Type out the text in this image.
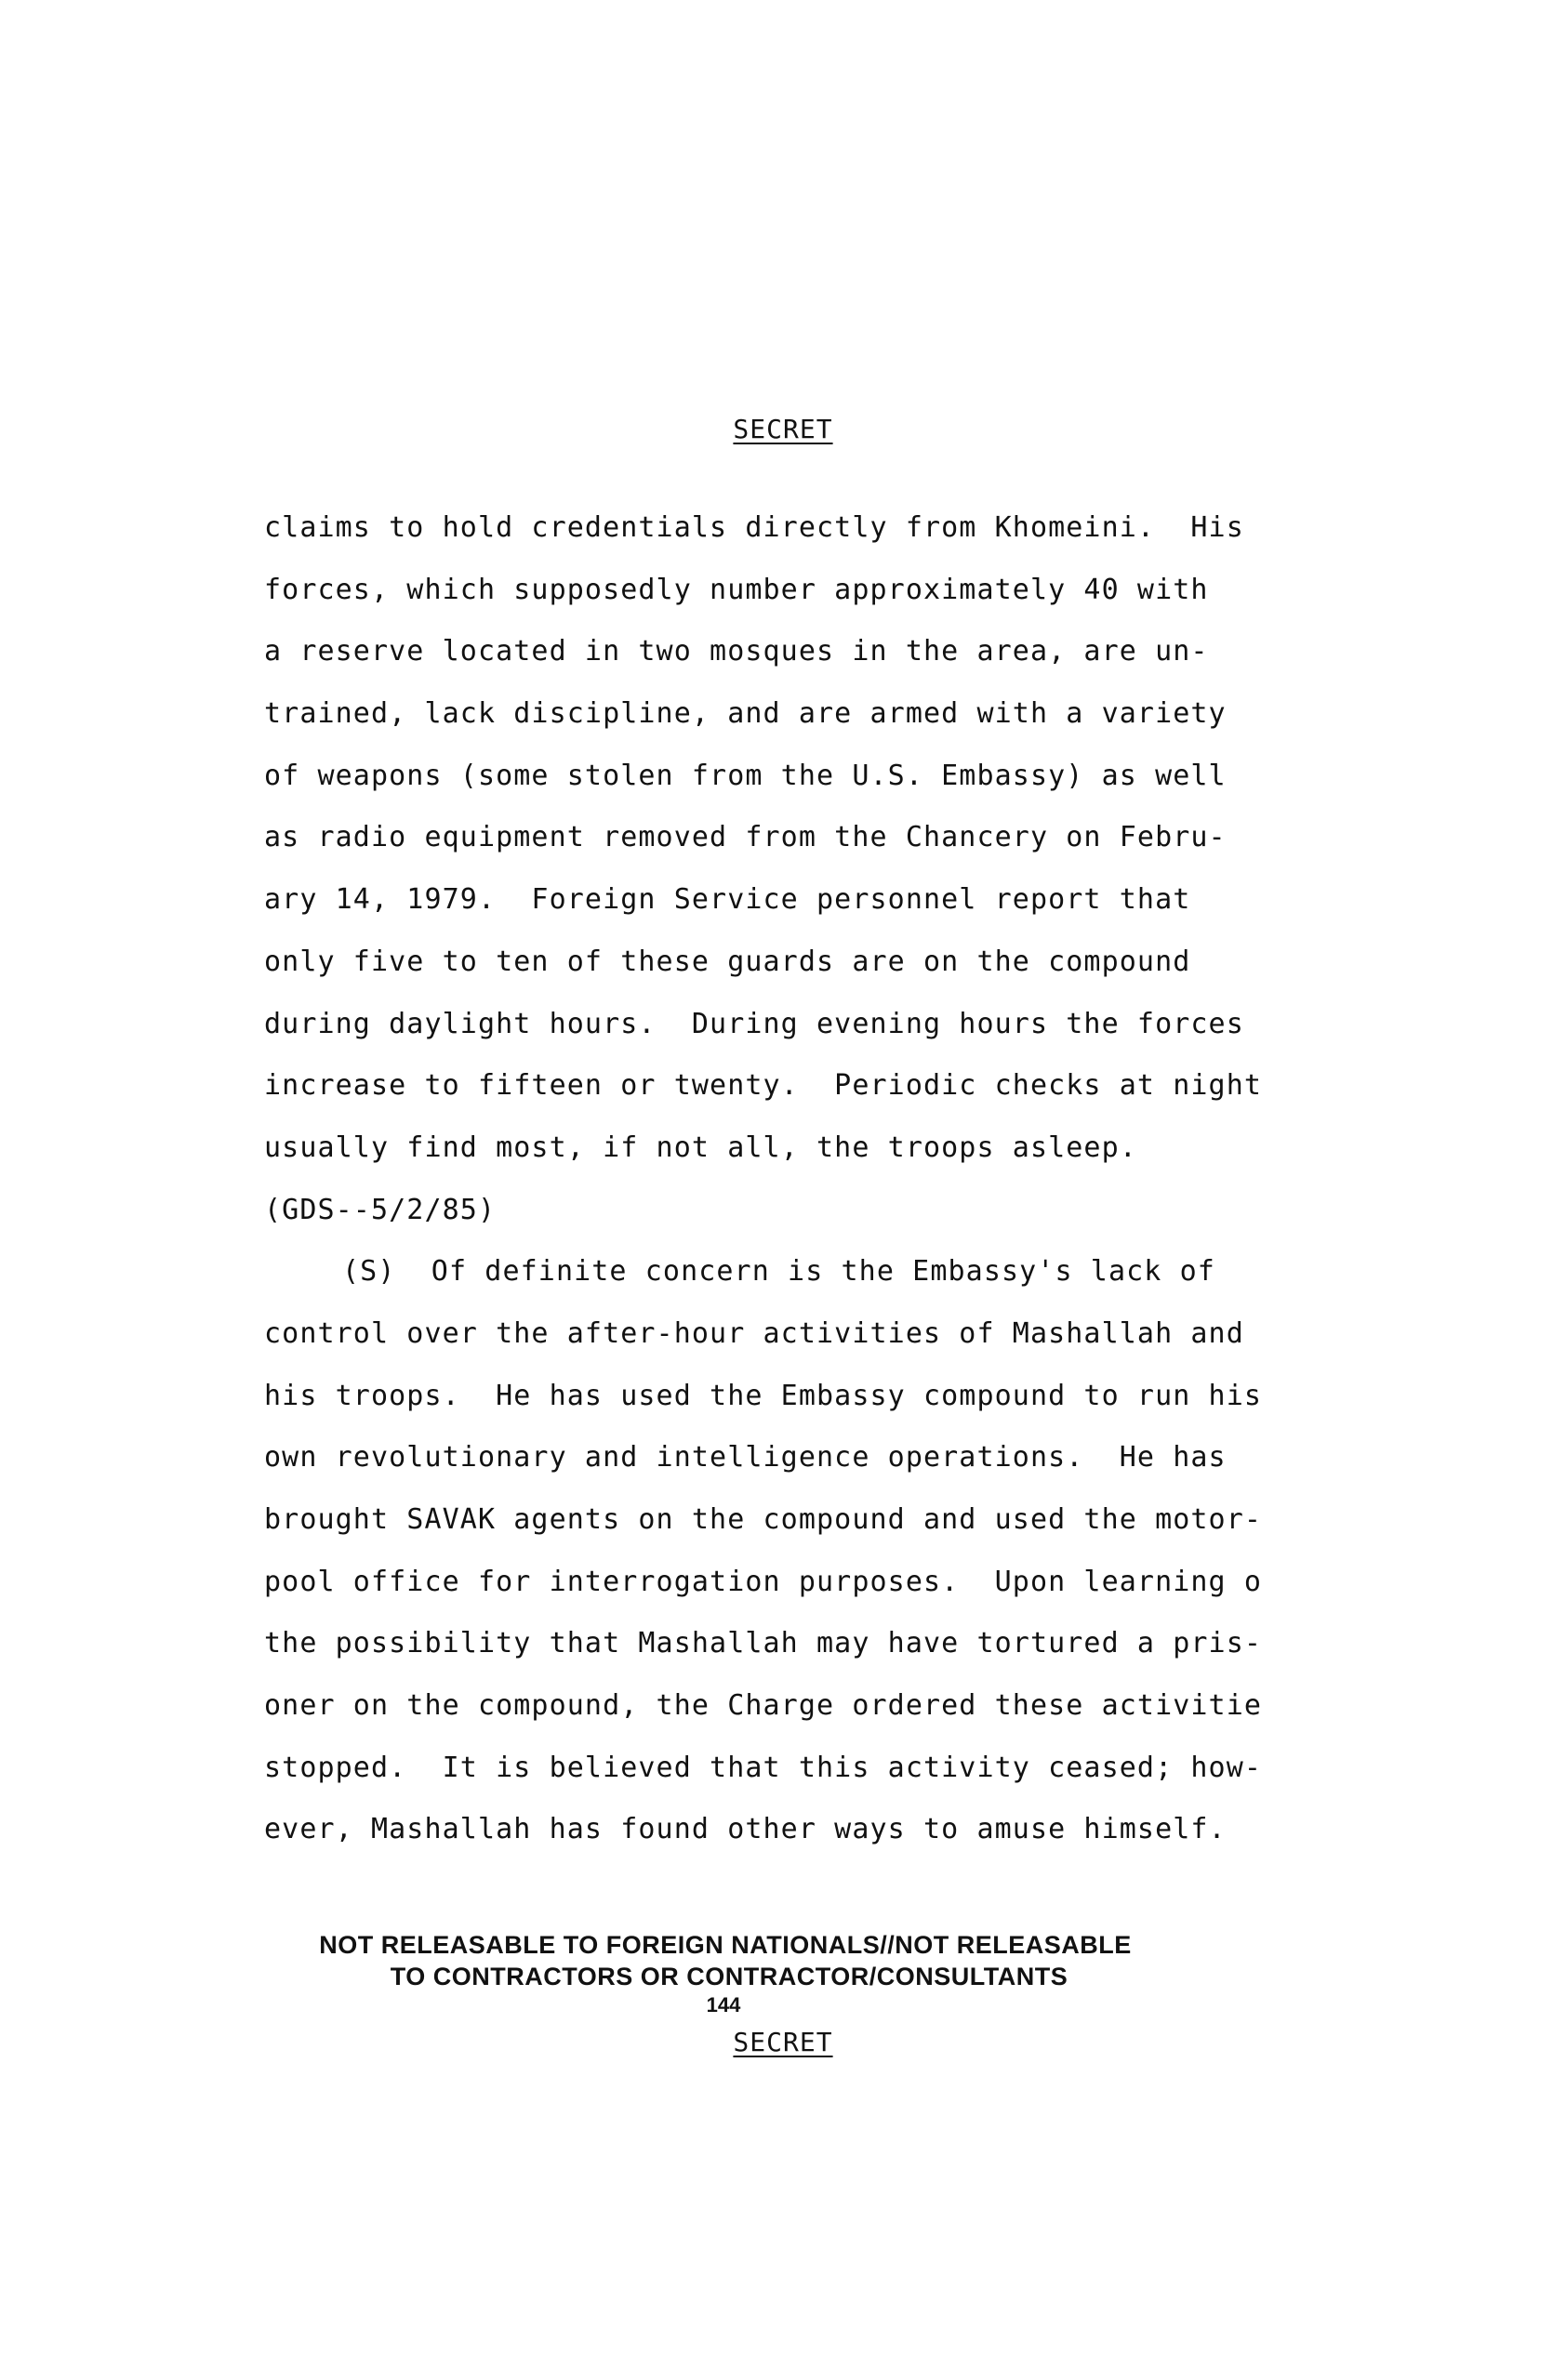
SECRET
claims to hold credentials directly from Khomeini.  His
forces, which supposedly number approximately 40 with
a reserve located in two mosques in the area, are un-
trained, lack discipline, and are armed with a variety
of weapons (some stolen from the U.S. Embassy) as well
as radio equipment removed from the Chancery on Febru-
ary 14, 1979.  Foreign Service personnel report that
only five to ten of these guards are on the compound
during daylight hours.  During evening hours the forces
increase to fifteen or twenty.  Periodic checks at night
usually find most, if not all, the troops asleep.
(GDS--5/2/85)
(S)  Of definite concern is the Embassy's lack of
control over the after-hour activities of Mashallah and
his troops.  He has used the Embassy compound to run his
own revolutionary and intelligence operations.  He has
brought SAVAK agents on the compound and used the motor-
pool office for interrogation purposes.  Upon learning o
the possibility that Mashallah may have tortured a pris-
oner on the compound, the Charge ordered these activitie
stopped.  It is believed that this activity ceased; how-
ever, Mashallah has found other ways to amuse himself.
NOT RELEASABLE TO FOREIGN NATIONALS//NOT RELEASABLE
TO CONTRACTORS OR CONTRACTOR/CONSULTANTS
144
SECRET
